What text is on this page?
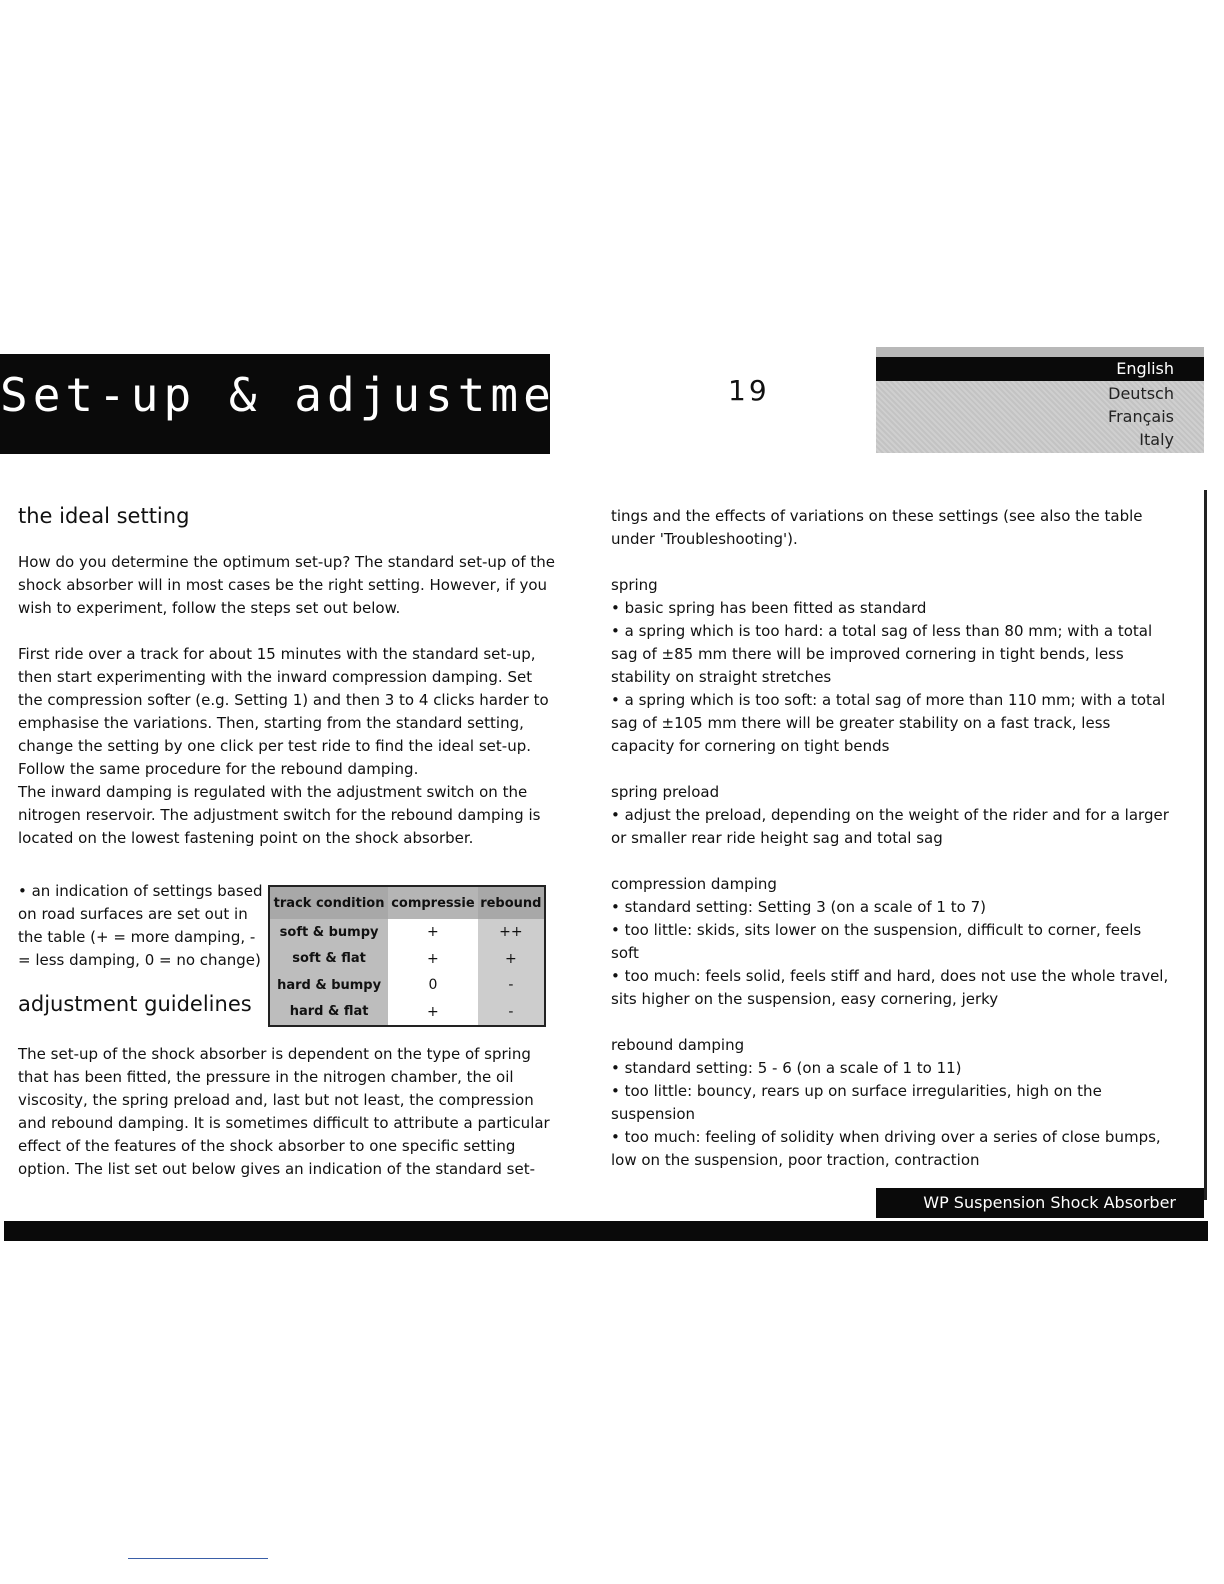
Set-up & adjustment	19
English
Deutsch
Français
Italy
the ideal setting

How do you determine the optimum set-up? The standard set-up of the shock absorber will in most cases be the right setting. However, if you wish to experiment, follow the steps set out below.

First ride over a track for about 15 minutes with the standard set-up, then start experimenting with the inward compression damping. Set the compression softer (e.g. Setting 1) and then 3 to 4 clicks harder to emphasise the variations. Then, starting from the standard setting, change the setting by one click per test ride to find the ideal set-up. Follow the same procedure for the rebound damping.

The inward damping is regulated with the adjustment switch on the nitrogen reservoir. The adjustment switch for the rebound damping is located on the lowest fastening point on the shock absorber.

• an indication of settings based on road surfaces are set out in the table (+ = more damping, - = less damping, 0 = no change)

adjustment guidelines
track condition	compressie	rebound
soft & bumpy	+	++
soft & flat	+	+
hard & bumpy	0	-
hard & flat	+	-

The set-up of the shock absorber is dependent on the type of spring that has been fitted, the pressure in the nitrogen chamber, the oil viscosity, the spring preload and, last but not least, the compression and rebound damping. It is sometimes difficult to attribute a particular effect of the features of the shock absorber to one specific setting option. The list set out below gives an indication of the standard set-

tings and the effects of variations on these settings (see also the table under 'Troubleshooting').

spring

• basic spring has been fitted as standard

• a spring which is too hard: a total sag of less than 80 mm; with a total sag of ±85 mm there will be improved cornering in tight bends, less stability on straight stretches

• a spring which is too soft: a total sag of more than 110 mm; with a total sag of ±105 mm there will be greater stability on a fast track, less capacity for cornering on tight bends

spring preload

• adjust the preload, depending on the weight of the rider and for a larger or smaller rear ride height sag and total sag

compression damping

• standard setting: Setting 3 (on a scale of 1 to 7)

• too little: skids, sits lower on the suspension, difficult to corner, feels soft

• too much: feels solid, feels stiff and hard, does not use the whole travel, sits higher on the suspension, easy cornering, jerky

rebound damping

• standard setting: 5 - 6 (on a scale of 1 to 11)

• too little: bouncy, rears up on surface irregularities, high on the suspension

• too much: feeling of solidity when driving over a series of close bumps, low on the suspension, poor traction, contraction

WP Suspension Shock Absorber
